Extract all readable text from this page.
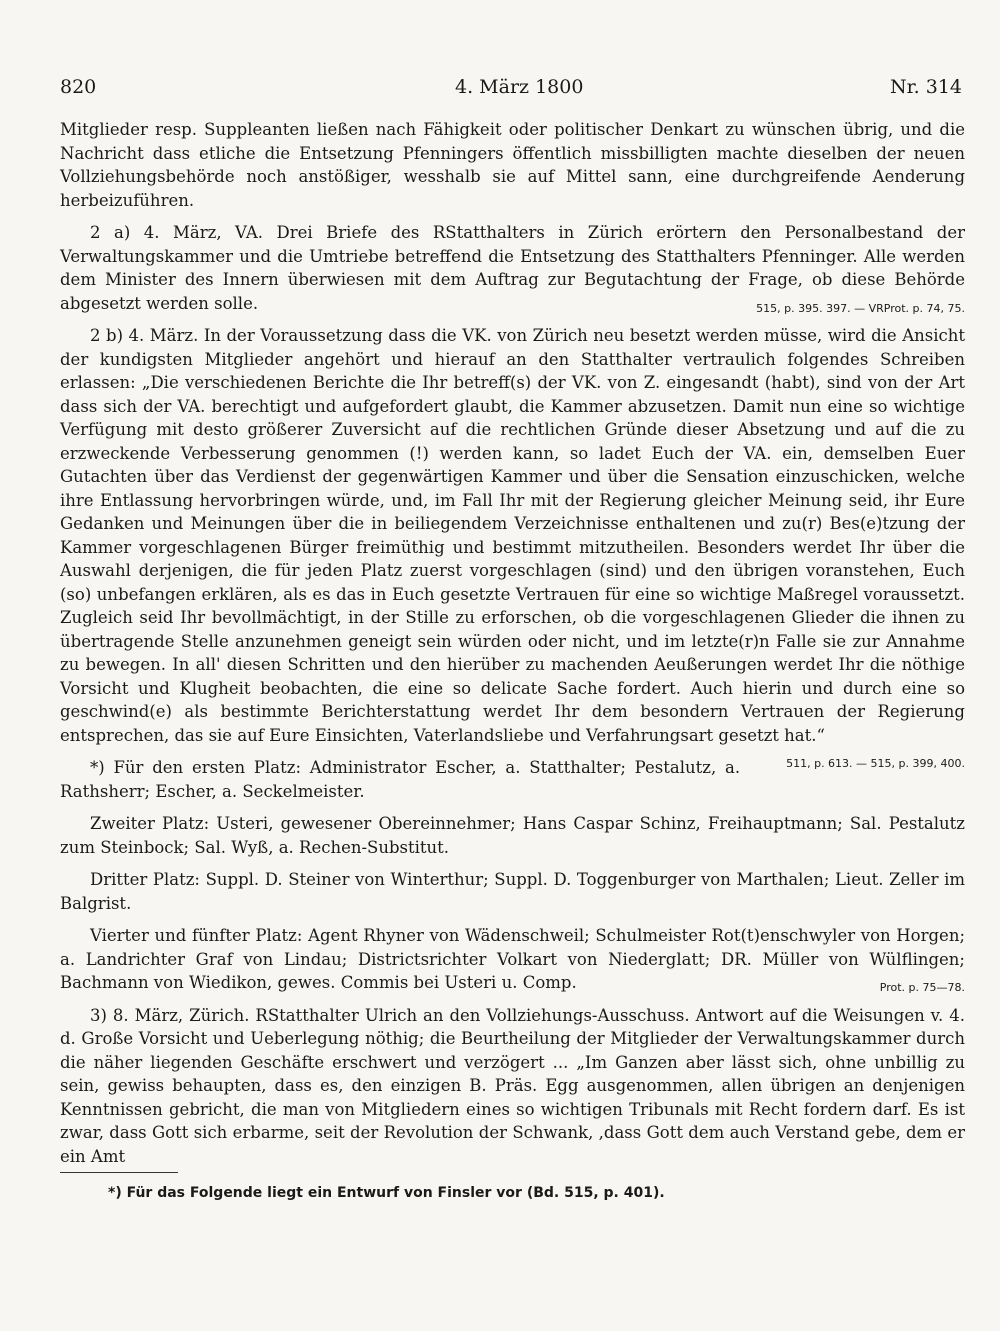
820	4. März 1800	Nr. 314

Mitglieder resp. Suppleanten ließen nach Fähigkeit oder politischer Denkart zu wünschen übrig, und die Nachricht dass etliche die Entsetzung Pfenningers öffentlich missbilligten machte dieselben der neuen Vollziehungsbehörde noch anstößiger, wesshalb sie auf Mittel sann, eine durchgreifende Aenderung herbeizuführen.

2 a) 4. März, VA. Drei Briefe des RStatthalters in Zürich erörtern den Personalbestand der Verwaltungskammer und die Umtriebe betreffend die Entsetzung des Statthalters Pfenninger. Alle werden dem Minister des Innern überwiesen mit dem Auftrag zur Begutachtung der Frage, ob diese Behörde abgesetzt werden solle.	515, p. 395. 397. — VRProt. p. 74, 75.

2 b) 4. März. In der Voraussetzung dass die VK. von Zürich neu besetzt werden müsse, wird die Ansicht der kundigsten Mitglieder angehört und hierauf an den Statthalter vertraulich folgendes Schreiben erlassen: „Die verschiedenen Berichte die Ihr betreff(s) der VK. von Z. eingesandt (habt), sind von der Art dass sich der VA. berechtigt und aufgefordert glaubt, die Kammer abzusetzen. Damit nun eine so wichtige Verfügung mit desto größerer Zuversicht auf die rechtlichen Gründe dieser Absetzung und auf die zu erzweckende Verbesserung genommen (!) werden kann, so ladet Euch der VA. ein, demselben Euer Gutachten über das Verdienst der gegenwärtigen Kammer und über die Sensation einzuschicken, welche ihre Entlassung hervorbringen würde, und, im Fall Ihr mit der Regierung gleicher Meinung seid, ihr Eure Gedanken und Meinungen über die in beiliegendem Verzeichnisse enthaltenen und zu(r) Bes(e)tzung der Kammer vorgeschlagenen Bürger freimüthig und bestimmt mitzutheilen. Besonders werdet Ihr über die Auswahl derjenigen, die für jeden Platz zuerst vorgeschlagen (sind) und den übrigen voranstehen, Euch (so) unbefangen erklären, als es das in Euch gesetzte Vertrauen für eine so wichtige Maßregel voraussetzt. Zugleich seid Ihr bevollmächtigt, in der Stille zu erforschen, ob die vorgeschlagenen Glieder die ihnen zu übertragende Stelle anzunehmen geneigt sein würden oder nicht, und im letzte(r)n Falle sie zur Annahme zu bewegen. In all' diesen Schritten und den hierüber zu machenden Aeußerungen werdet Ihr die nöthige Vorsicht und Klugheit beobachten, die eine so delicate Sache fordert. Auch hierin und durch eine so geschwind(e) als bestimmte Berichterstattung werdet Ihr dem besondern Vertrauen der Regierung entsprechen, das sie auf Eure Einsichten, Vaterlandsliebe und Verfahrungsart gesetzt hat.“
511, p. 613. — 515, p. 399, 400.

*) Für den ersten Platz: Administrator Escher, a. Statthalter; Pestalutz, a. Rathsherr; Escher, a. Seckelmeister.

Zweiter Platz: Usteri, gewesener Obereinnehmer; Hans Caspar Schinz, Freihauptmann; Sal. Pestalutz zum Steinbock; Sal. Wyß, a. Rechen-Substitut.

Dritter Platz: Suppl. D. Steiner von Winterthur; Suppl. D. Toggenburger von Marthalen; Lieut. Zeller im Balgrist.

Vierter und fünfter Platz: Agent Rhyner von Wädenschweil; Schulmeister Rot(t)enschwyler von Horgen; a. Landrichter Graf von Lindau; Districtsrichter Volkart von Niederglatt; DR. Müller von Wülflingen; Bachmann von Wiedikon, gewes. Commis bei Usteri u. Comp.	Prot. p. 75—78.

3) 8. März, Zürich. RStatthalter Ulrich an den Vollziehungs-Ausschuss. Antwort auf die Weisungen v. 4. d. Große Vorsicht und Ueberlegung nöthig; die Beurtheilung der Mitglieder der Verwaltungskammer durch die näher liegenden Geschäfte erschwert und verzögert ... „Im Ganzen aber lässt sich, ohne unbillig zu sein, gewiss behaupten, dass es, den einzigen B. Präs. Egg ausgenommen, allen übrigen an denjenigen Kenntnissen gebricht, die man von Mitgliedern eines so wichtigen Tribunals mit Recht fordern darf. Es ist zwar, dass Gott sich erbarme, seit der Revolution der Schwank, ,dass Gott dem auch Verstand gebe, dem er ein Amt

*) Für das Folgende liegt ein Entwurf von Finsler vor (Bd. 515, p. 401).
